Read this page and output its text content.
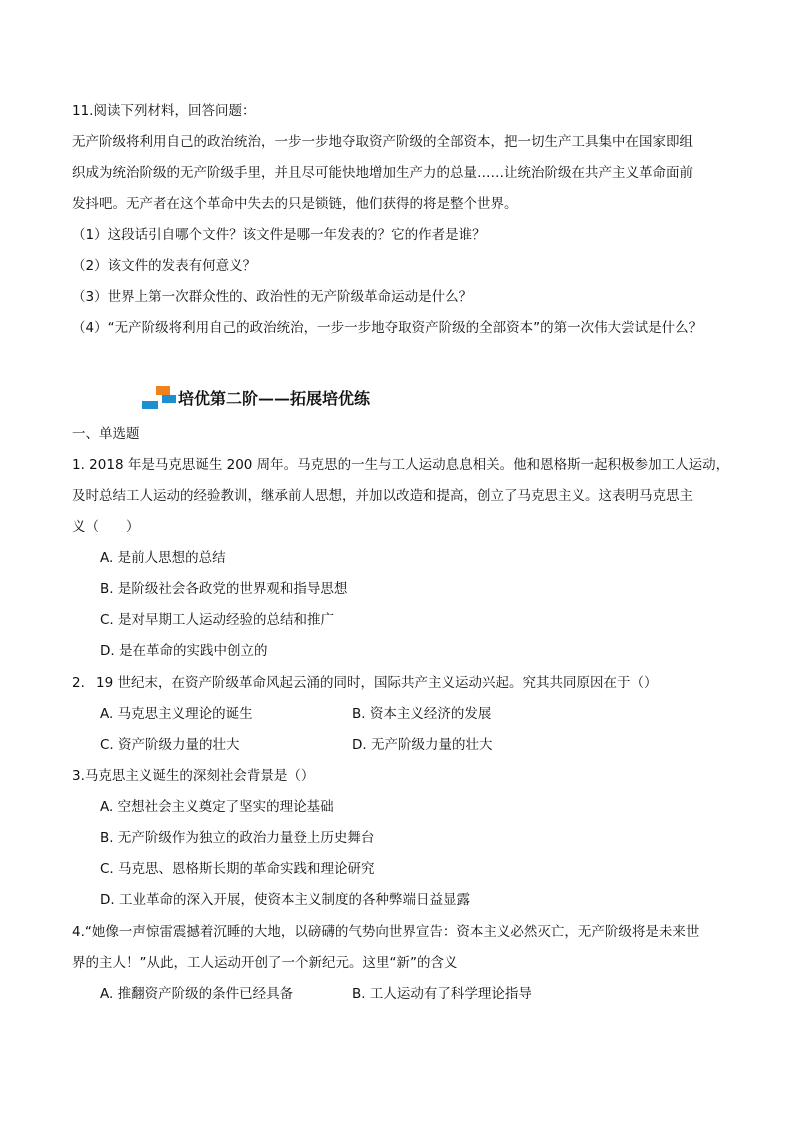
11.阅读下列材料，回答问题：
无产阶级将利用自己的政治统治，一步一步地夺取资产阶级的全部资本，把一切生产工具集中在国家即组
织成为统治阶级的无产阶级手里，并且尽可能快地增加生产力的总量……让统治阶级在共产主义革命面前
发抖吧。无产者在这个革命中失去的只是锁链，他们获得的将是整个世界。
（1）这段话引自哪个文件？该文件是哪一年发表的？它的作者是谁？
（2）该文件的发表有何意义？
（3）世界上第一次群众性的、政治性的无产阶级革命运动是什么？
（4）“无产阶级将利用自己的政治统治，一步一步地夺取资产阶级的全部资本”的第一次伟大尝试是什么？
培优第二阶——拓展培优练
一、单选题
1. 2018 年是马克思诞生 200 周年。马克思的一生与工人运动息息相关。他和恩格斯一起积极参加工人运动，
及时总结工人运动的经验教训，继承前人思想，并加以改造和提高，创立了马克思主义。这表明马克思主
义（　　）
A. 是前人思想的总结
B. 是阶级社会各政党的世界观和指导思想
C. 是对早期工人运动经验的总结和推广
D. 是在革命的实践中创立的
2. 19 世纪末，在资产阶级革命风起云涌的同时，国际共产主义运动兴起。究其共同原因在于（）
A. 马克思主义理论的诞生	B. 资本主义经济的发展
C. 资产阶级力量的壮大	D. 无产阶级力量的壮大
3.马克思主义诞生的深刻社会背景是（）
A. 空想社会主义奠定了坚实的理论基础
B. 无产阶级作为独立的政治力量登上历史舞台
C. 马克思、恩格斯长期的革命实践和理论研究
D. 工业革命的深入开展，使资本主义制度的各种弊端日益显露
4.“她像一声惊雷震撼着沉睡的大地，以磅礴的气势向世界宣告：资本主义必然灭亡，无产阶级将是未来世
界的主人！”从此，工人运动开创了一个新纪元。这里“新”的含义
A. 推翻资产阶级的条件已经具备	B. 工人运动有了科学理论指导
